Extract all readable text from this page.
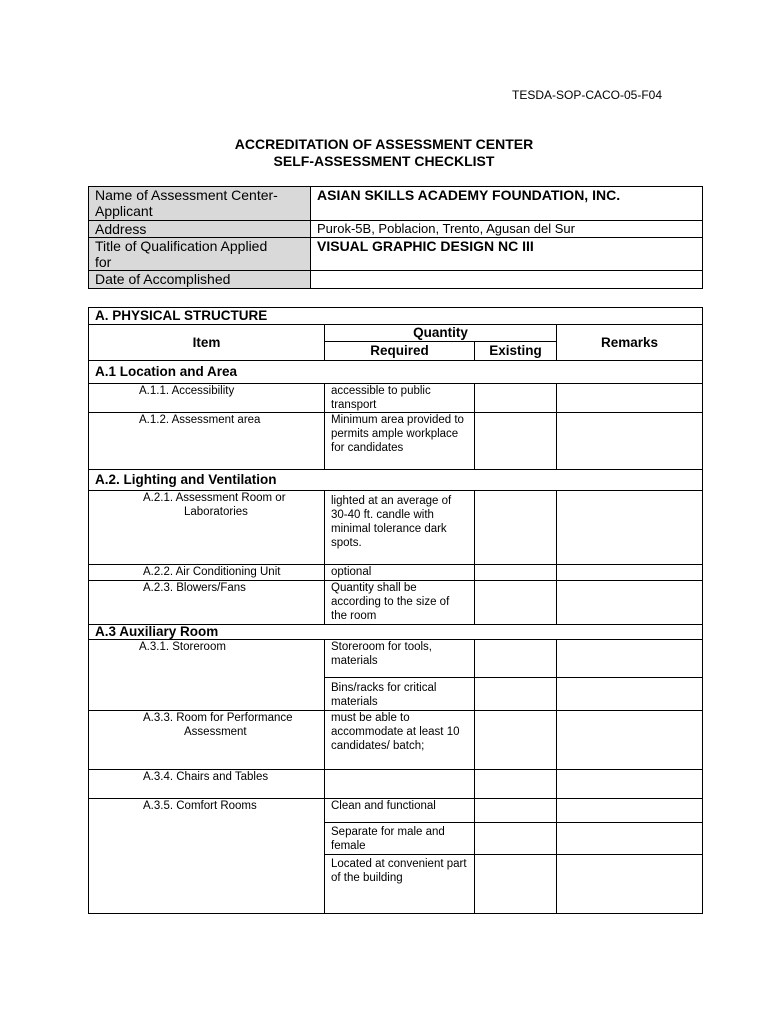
TESDA-SOP-CACO-05-F04
ACCREDITATION OF ASSESSMENT CENTER
SELF-ASSESSMENT CHECKLIST
Name of Assessment Center-
Applicant	ASIAN SKILLS ACADEMY FOUNDATION, INC.
Address	Purok-5B, Poblacion, Trento, Agusan del Sur
Title of Qualification Applied
for	VISUAL GRAPHIC DESIGN NC III
Date of Accomplished	
A. PHYSICAL STRUCTURE			
Item	Quantity		Remarks
	Required	Existing	
A.1 Location and Area			
A.1.1. Accessibility	accessible to public transport		
A.1.2. Assessment area	Minimum area provided to permits ample workplace for candidates		
A.2. Lighting and Ventilation			
A.2.1. Assessment Room or
Laboratories	lighted at an average of 30-40 ft. candle with minimal tolerance dark spots.		
A.2.2. Air Conditioning Unit	optional		
A.2.3. Blowers/Fans	Quantity shall be according to the size of the room		
A.3 Auxiliary Room			
A.3.1. Storeroom	Storeroom for tools, materials		
	Bins/racks for critical materials		
A.3.3. Room for Performance
Assessment	must be able to accommodate at least 10 candidates/ batch;		
A.3.4. Chairs and Tables			
A.3.5. Comfort Rooms	Clean and functional		
	Separate for male and female		
	Located at convenient part of the building		
